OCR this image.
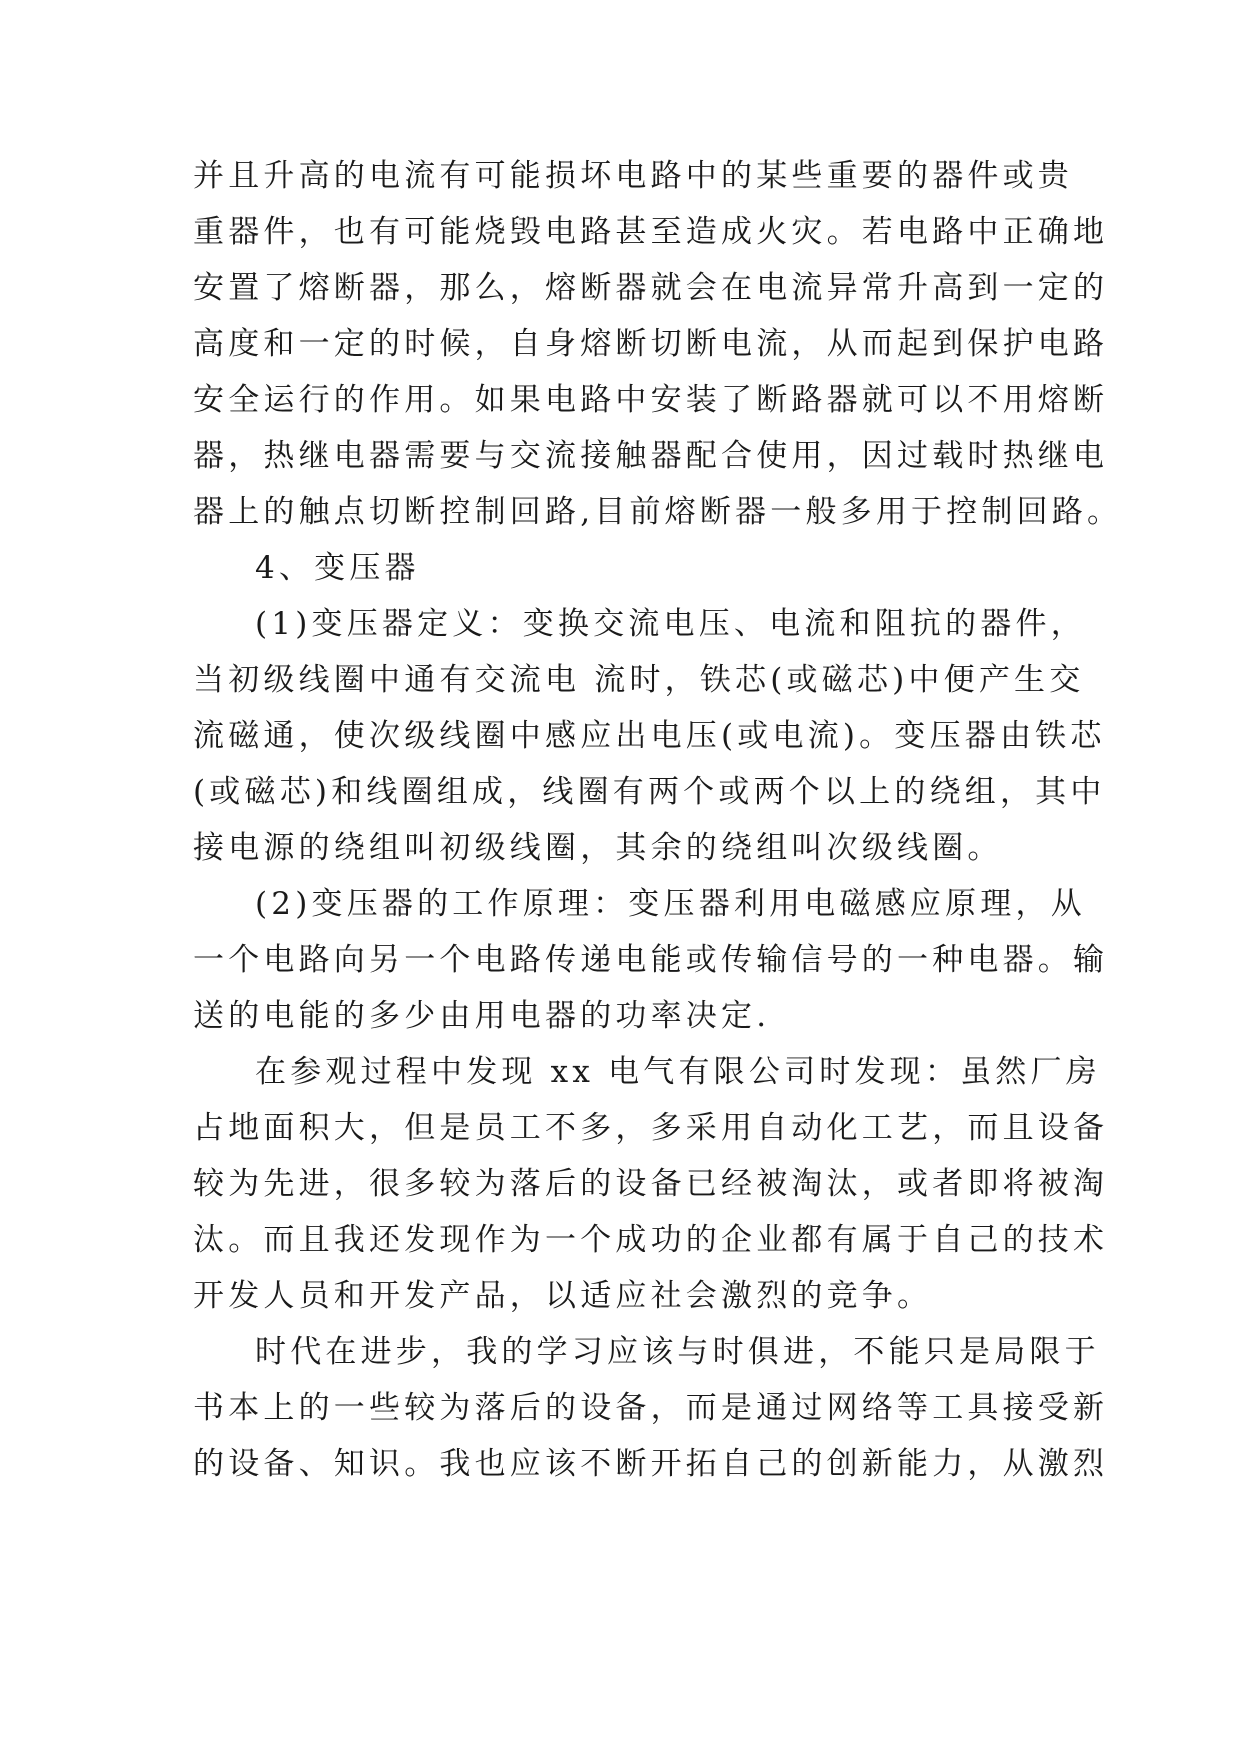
并且升高的电流有可能损坏电路中的某些重要的器件或贵
重器件，也有可能烧毁电路甚至造成火灾。若电路中正确地
安置了熔断器，那么，熔断器就会在电流异常升高到一定的
高度和一定的时候，自身熔断切断电流，从而起到保护电路
安全运行的作用。如果电路中安装了断路器就可以不用熔断
器，热继电器需要与交流接触器配合使用，因过载时热继电
器上的触点切断控制回路,目前熔断器一般多用于控制回路。
4、变压器
(1)变压器定义：变换交流电压、电流和阻抗的器件，
当初级线圈中通有交流电 流时，铁芯(或磁芯)中便产生交
流磁通，使次级线圈中感应出电压(或电流)。变压器由铁芯
(或磁芯)和线圈组成，线圈有两个或两个以上的绕组，其中
接电源的绕组叫初级线圈，其余的绕组叫次级线圈。
(2)变压器的工作原理：变压器利用电磁感应原理，从
一个电路向另一个电路传递电能或传输信号的一种电器。输
送的电能的多少由用电器的功率决定.
在参观过程中发现 xx 电气有限公司时发现：虽然厂房
占地面积大，但是员工不多，多采用自动化工艺，而且设备
较为先进，很多较为落后的设备已经被淘汰，或者即将被淘
汰。而且我还发现作为一个成功的企业都有属于自己的技术
开发人员和开发产品，以适应社会激烈的竞争。
时代在进步，我的学习应该与时俱进，不能只是局限于
书本上的一些较为落后的设备，而是通过网络等工具接受新
的设备、知识。我也应该不断开拓自己的创新能力，从激烈
